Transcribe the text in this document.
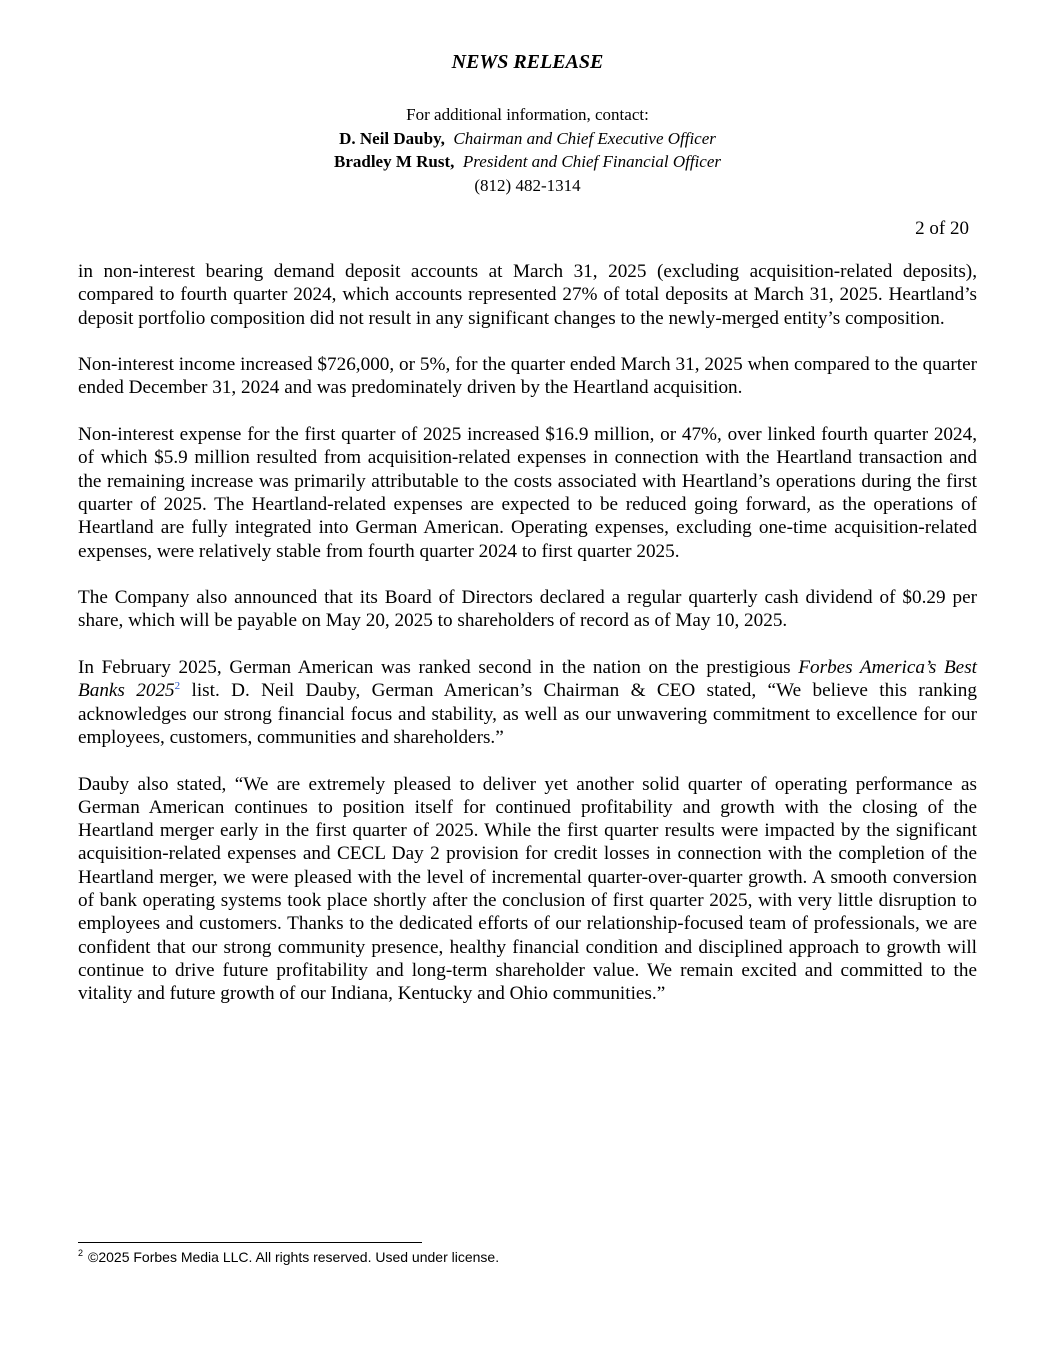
NEWS RELEASE
For additional information, contact:
D. Neil Dauby, Chairman and Chief Executive Officer
Bradley M Rust, President and Chief Financial Officer
(812) 482-1314
2 of 20

in non-interest bearing demand deposit accounts at March 31, 2025 (excluding acquisition-related deposits), compared to fourth quarter 2024, which accounts represented 27% of total deposits at March 31, 2025. Heartland’s deposit portfolio composition did not result in any significant changes to the newly-merged entity’s composition.

Non-interest income increased $726,000, or 5%, for the quarter ended March 31, 2025 when compared to the quarter ended December 31, 2024 and was predominately driven by the Heartland acquisition.

Non-interest expense for the first quarter of 2025 increased $16.9 million, or 47%, over linked fourth quarter 2024, of which $5.9 million resulted from acquisition-related expenses in connection with the Heartland transaction and the remaining increase was primarily attributable to the costs associated with Heartland’s operations during the first quarter of 2025. The Heartland-related expenses are expected to be reduced going forward, as the operations of Heartland are fully integrated into German American. Operating expenses, excluding one-time acquisition-related expenses, were relatively stable from fourth quarter 2024 to first quarter 2025.

The Company also announced that its Board of Directors declared a regular quarterly cash dividend of $0.29 per share, which will be payable on May 20, 2025 to shareholders of record as of May 10, 2025.

In February 2025, German American was ranked second in the nation on the prestigious Forbes America’s Best Banks 2025$^2$ list. D. Neil Dauby, German American’s Chairman & CEO stated, “We believe this ranking acknowledges our strong financial focus and stability, as well as our unwavering commitment to excellence for our employees, customers, communities and shareholders.”

Dauby also stated, “We are extremely pleased to deliver yet another solid quarter of operating performance as German American continues to position itself for continued profitability and growth with the closing of the Heartland merger early in the first quarter of 2025. While the first quarter results were impacted by the significant acquisition-related expenses and CECL Day 2 provision for credit losses in connection with the completion of the Heartland merger, we were pleased with the level of incremental quarter-over-quarter growth. A smooth conversion of bank operating systems took place shortly after the conclusion of first quarter 2025, with very little disruption to employees and customers. Thanks to the dedicated efforts of our relationship-focused team of professionals, we are confident that our strong community presence, healthy financial condition and disciplined approach to growth will continue to drive future profitability and long-term shareholder value. We remain excited and committed to the vitality and future growth of our Indiana, Kentucky and Ohio communities.”

$^2$ ©2025 Forbes Media LLC. All rights reserved. Used under license.
